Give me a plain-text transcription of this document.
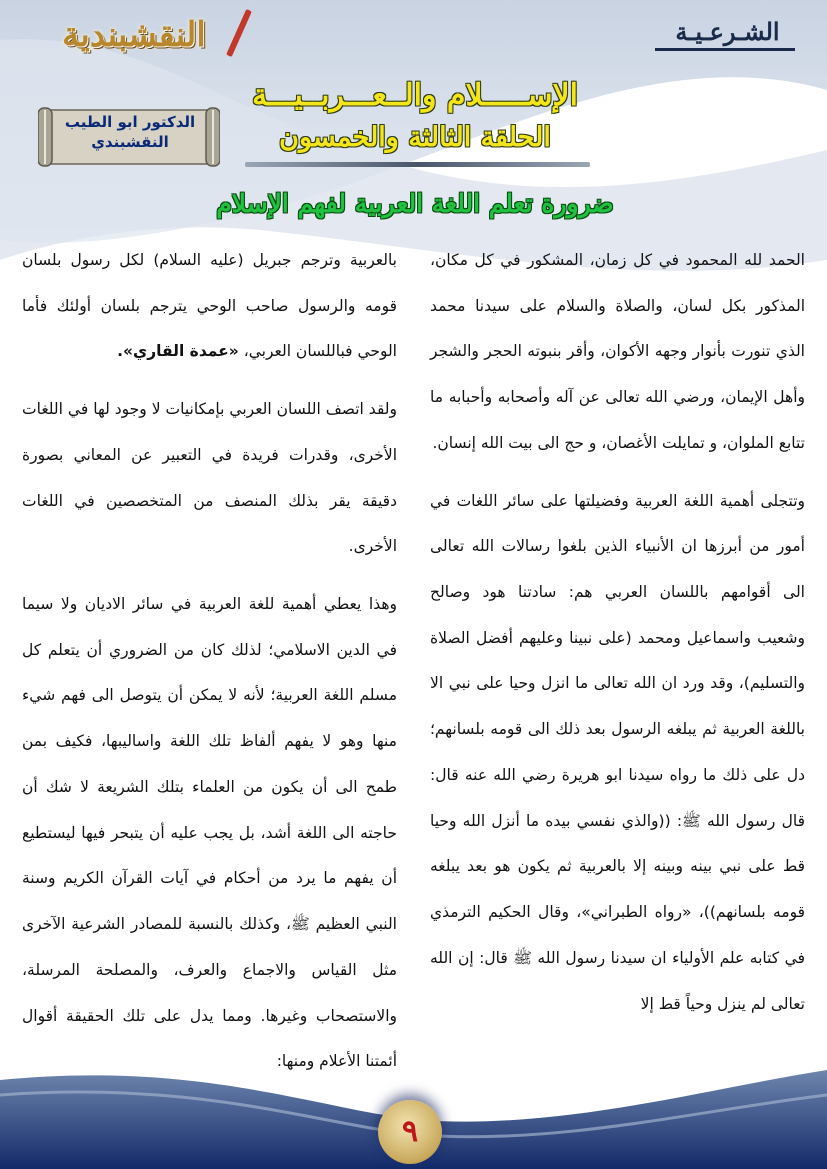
النقشبندية	الشـرعـيـة
الإســـــلام والــعـــربــيـــة
الحلقة الثالثة والخمسون
الدكتور ابو الطيب
النقشبندي
ضرورة تعلم اللغة العربية لفهم الإسلام

الحمد لله المحمود في كل زمان، المشكور في كل مكان، المذكور بكل لسان، والصلاة والسلام على سيدنا محمد الذي تنورت بأنوار وجهه الأكوان، وأقر بنبوته الحجر والشجر وأهل الإيمان، ورضي الله تعالى عن آله وأصحابه وأحبابه ما تتابع الملوان، و تمايلت الأغصان، و حج الى بيت الله إنسان.

وتتجلى أهمية اللغة العربية وفضيلتها على سائر اللغات في أمور من أبرزها ان الأنبياء الذين بلغوا رسالات الله تعالى الى أقوامهم باللسان العربي هم: سادتنا هود وصالح وشعيب واسماعيل ومحمد (على نبينا وعليهم أفضل الصلاة والتسليم)، وقد ورد ان الله تعالى ما انزل وحيا على نبي الا باللغة العربية ثم يبلغه الرسول بعد ذلك الى قومه بلسانهم؛ دل على ذلك ما رواه سيدنا ابو هريرة رضي الله عنه قال: قال رسول الله ﷺ: ((والذي نفسي بيده ما أنزل الله وحيا قط على نبي بينه وبينه إلا بالعربية ثم يكون هو بعد يبلغه قومه بلسانهم))، «رواه الطبراني»، وقال الحكيم الترمذي في كتابه علم الأولياء ان سيدنا رسول الله ﷺ قال: إن الله تعالى لم ينزل وحياً قط إلا

بالعربية وترجم جبريل (عليه السلام) لكل رسول بلسان قومه والرسول صاحب الوحي يترجم بلسان أولئك فأما الوحي فباللسان العربي، «عمدة القاري».

ولقد اتصف اللسان العربي بإمكانيات لا وجود لها في اللغات الأخرى، وقدرات فريدة في التعبير عن المعاني بصورة دقيقة يقر بذلك المنصف من المتخصصين في اللغات الأخرى.

وهذا يعطي أهمية للغة العربية في سائر الاديان ولا سيما في الدين الاسلامي؛ لذلك كان من الضروري أن يتعلم كل مسلم اللغة العربية؛ لأنه لا يمكن أن يتوصل الى فهم شيء منها وهو لا يفهم ألفاظ تلك اللغة واساليبها، فكيف بمن طمح الى أن يكون من العلماء بتلك الشريعة لا شك أن حاجته الى اللغة أشد، بل يجب عليه أن يتبحر فيها ليستطيع أن يفهم ما يرد من أحكام في آيات القرآن الكريم وسنة النبي العظيم ﷺ، وكذلك بالنسبة للمصادر الشرعية الآخرى مثل القياس والاجماع والعرف، والمصلحة المرسلة، والاستصحاب وغيرها. ومما يدل على تلك الحقيقة أقوال أئمتنا الأعلام ومنها:

٩
